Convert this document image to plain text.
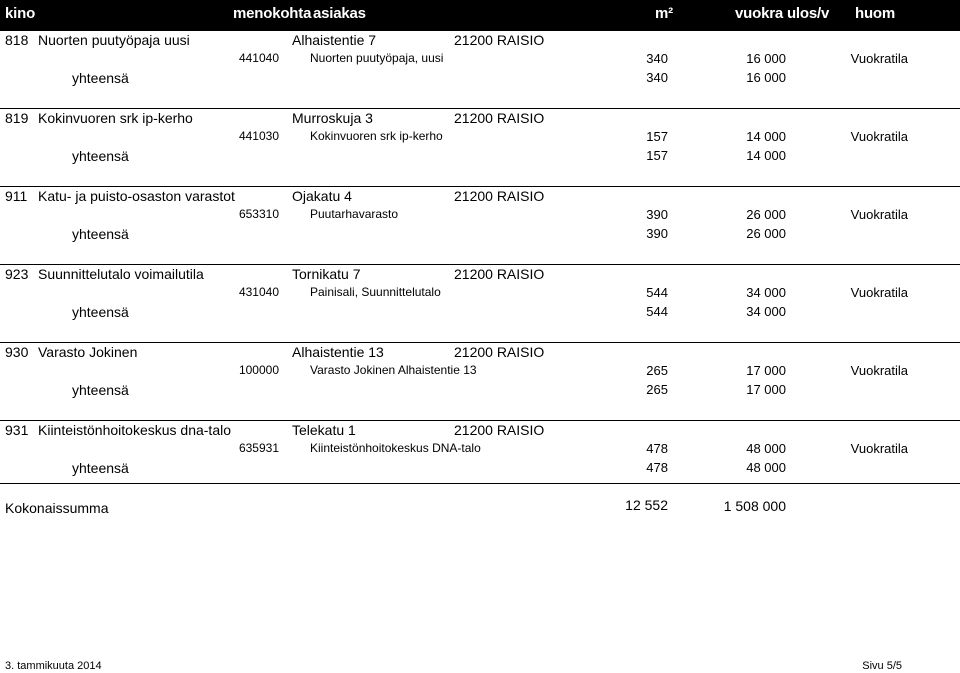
kino	menokohta asiakas	m²	vuokra ulos/v huom
818 Nuorten puutyöpaja uusi	Alhaistentie 7	21200 RAISIO
441040	Nuorten puutyöpaja, uusi	340	16 000	Vuokratila
yhteensä	340	16 000
819 Kokinvuoren srk ip-kerho	Murroskuja 3	21200 RAISIO
441030	Kokinvuoren srk ip-kerho	157	14 000	Vuokratila
yhteensä	157	14 000
911 Katu- ja puisto-osaston varastot	Ojakatu 4	21200 RAISIO
653310	Puutarhavarasto	390	26 000	Vuokratila
yhteensä	390	26 000
923 Suunnittelutalo voimailutila	Tornikatu 7	21200 RAISIO
431040	Painisali, Suunnittelutalo	544	34 000	Vuokratila
yhteensä	544	34 000
930 Varasto Jokinen	Alhaistentie 13	21200 RAISIO
100000	Varasto Jokinen Alhaistentie 13	265	17 000	Vuokratila
yhteensä	265	17 000
931 Kiinteistönhoitokeskus dna-talo	Telekatu 1	21200 RAISIO
635931	Kiinteistönhoitokeskus DNA-talo	478	48 000	Vuokratila
yhteensä	478	48 000
Kokonaissumma	12 552	1 508 000
3. tammikuuta 2014	Sivu 5/5
